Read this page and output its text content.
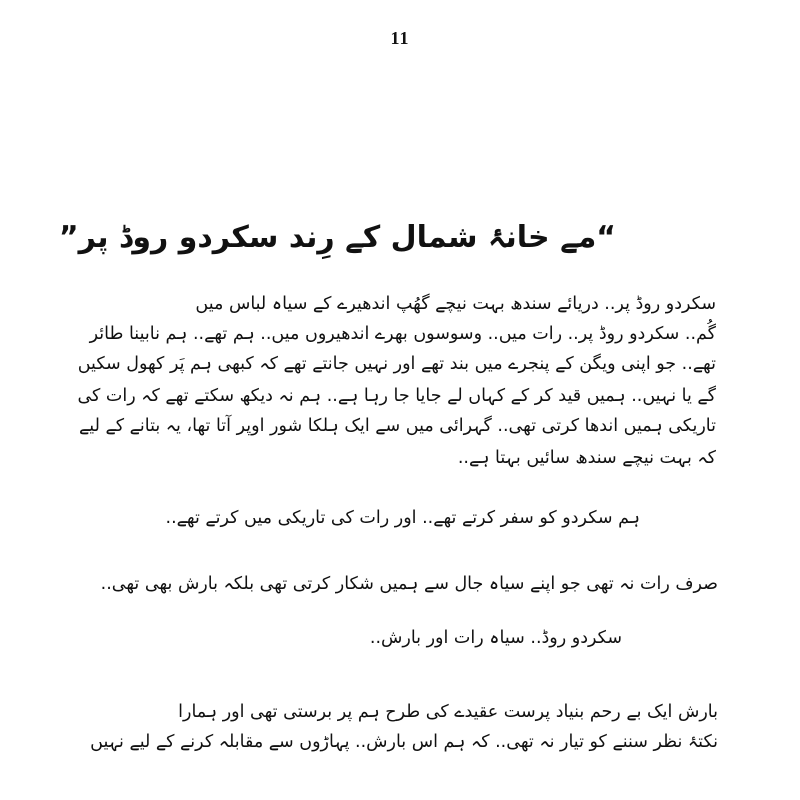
11
“مے خانۂ شمال کے رِند سکردو روڈ پر”
سکردو روڈ پر.. دریائے سندھ بہت نیچے گھُپ اندھیرے کے سیاہ لباس میں
گُم.. سکردو روڈ پر.. رات میں.. وسوسوں بھرے اندھیروں میں.. ہم تھے.. ہم نابینا طائر
تھے.. جو اپنی ویگن کے پنجرے میں بند تھے اور نہیں جانتے تھے کہ کبھی ہم پَر کھول سکیں
گے یا نہیں.. ہمیں قید کر کے کہاں لے جایا جا رہا ہے.. ہم نہ دیکھ سکتے تھے کہ رات کی
تاریکی ہمیں اندھا کرتی تھی.. گہرائی میں سے ایک ہلکا شور اوپر آتا تھا، یہ بتانے کے لیے
کہ بہت نیچے سندھ سائیں بہتا ہے..
ہم سکردو کو سفر کرتے تھے.. اور رات کی تاریکی میں کرتے تھے..
صرف رات نہ تھی جو اپنے سیاہ جال سے ہمیں شکار کرتی تھی بلکہ بارش بھی تھی..
سکردو روڈ.. سیاہ رات اور بارش..
بارش ایک بے رحم بنیاد پرست عقیدے کی طرح ہم پر برستی تھی اور ہمارا
نکتۂ نظر سننے کو تیار نہ تھی.. کہ ہم اس بارش.. پہاڑوں سے مقابلہ کرنے کے لیے نہیں
